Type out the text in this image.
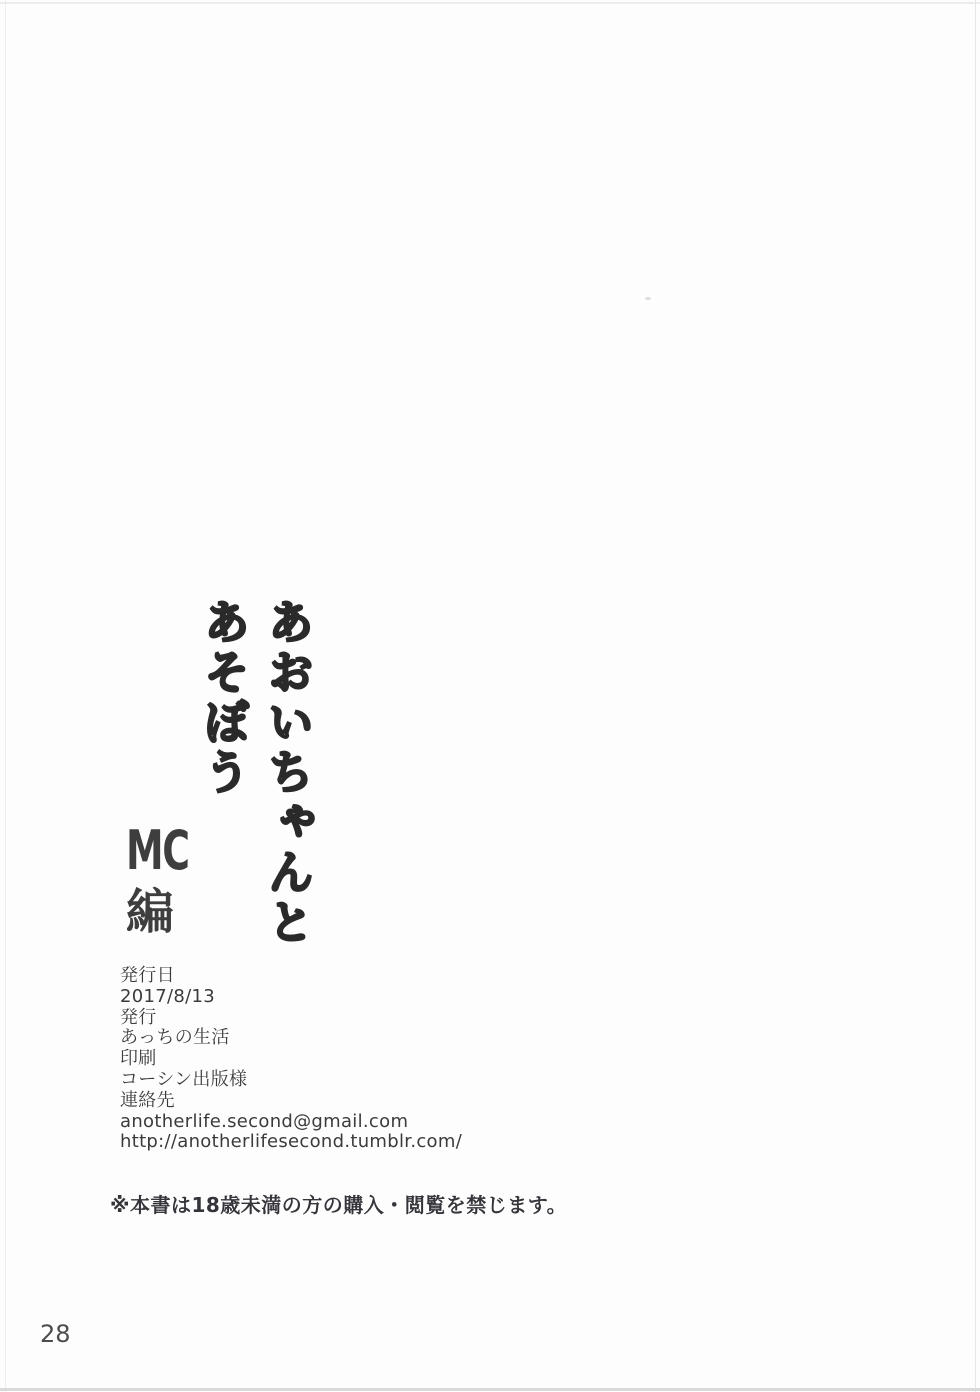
あおいちゃんと
あそぼう
MC
編
発行日
2017/8/13
発行
あっちの生活
印刷
コーシン出版様
連絡先
anotherlife.second@gmail.com
http://anotherlifesecond.tumblr.com/
※本書は18歳未満の方の購入・閲覧を禁じます。
28
